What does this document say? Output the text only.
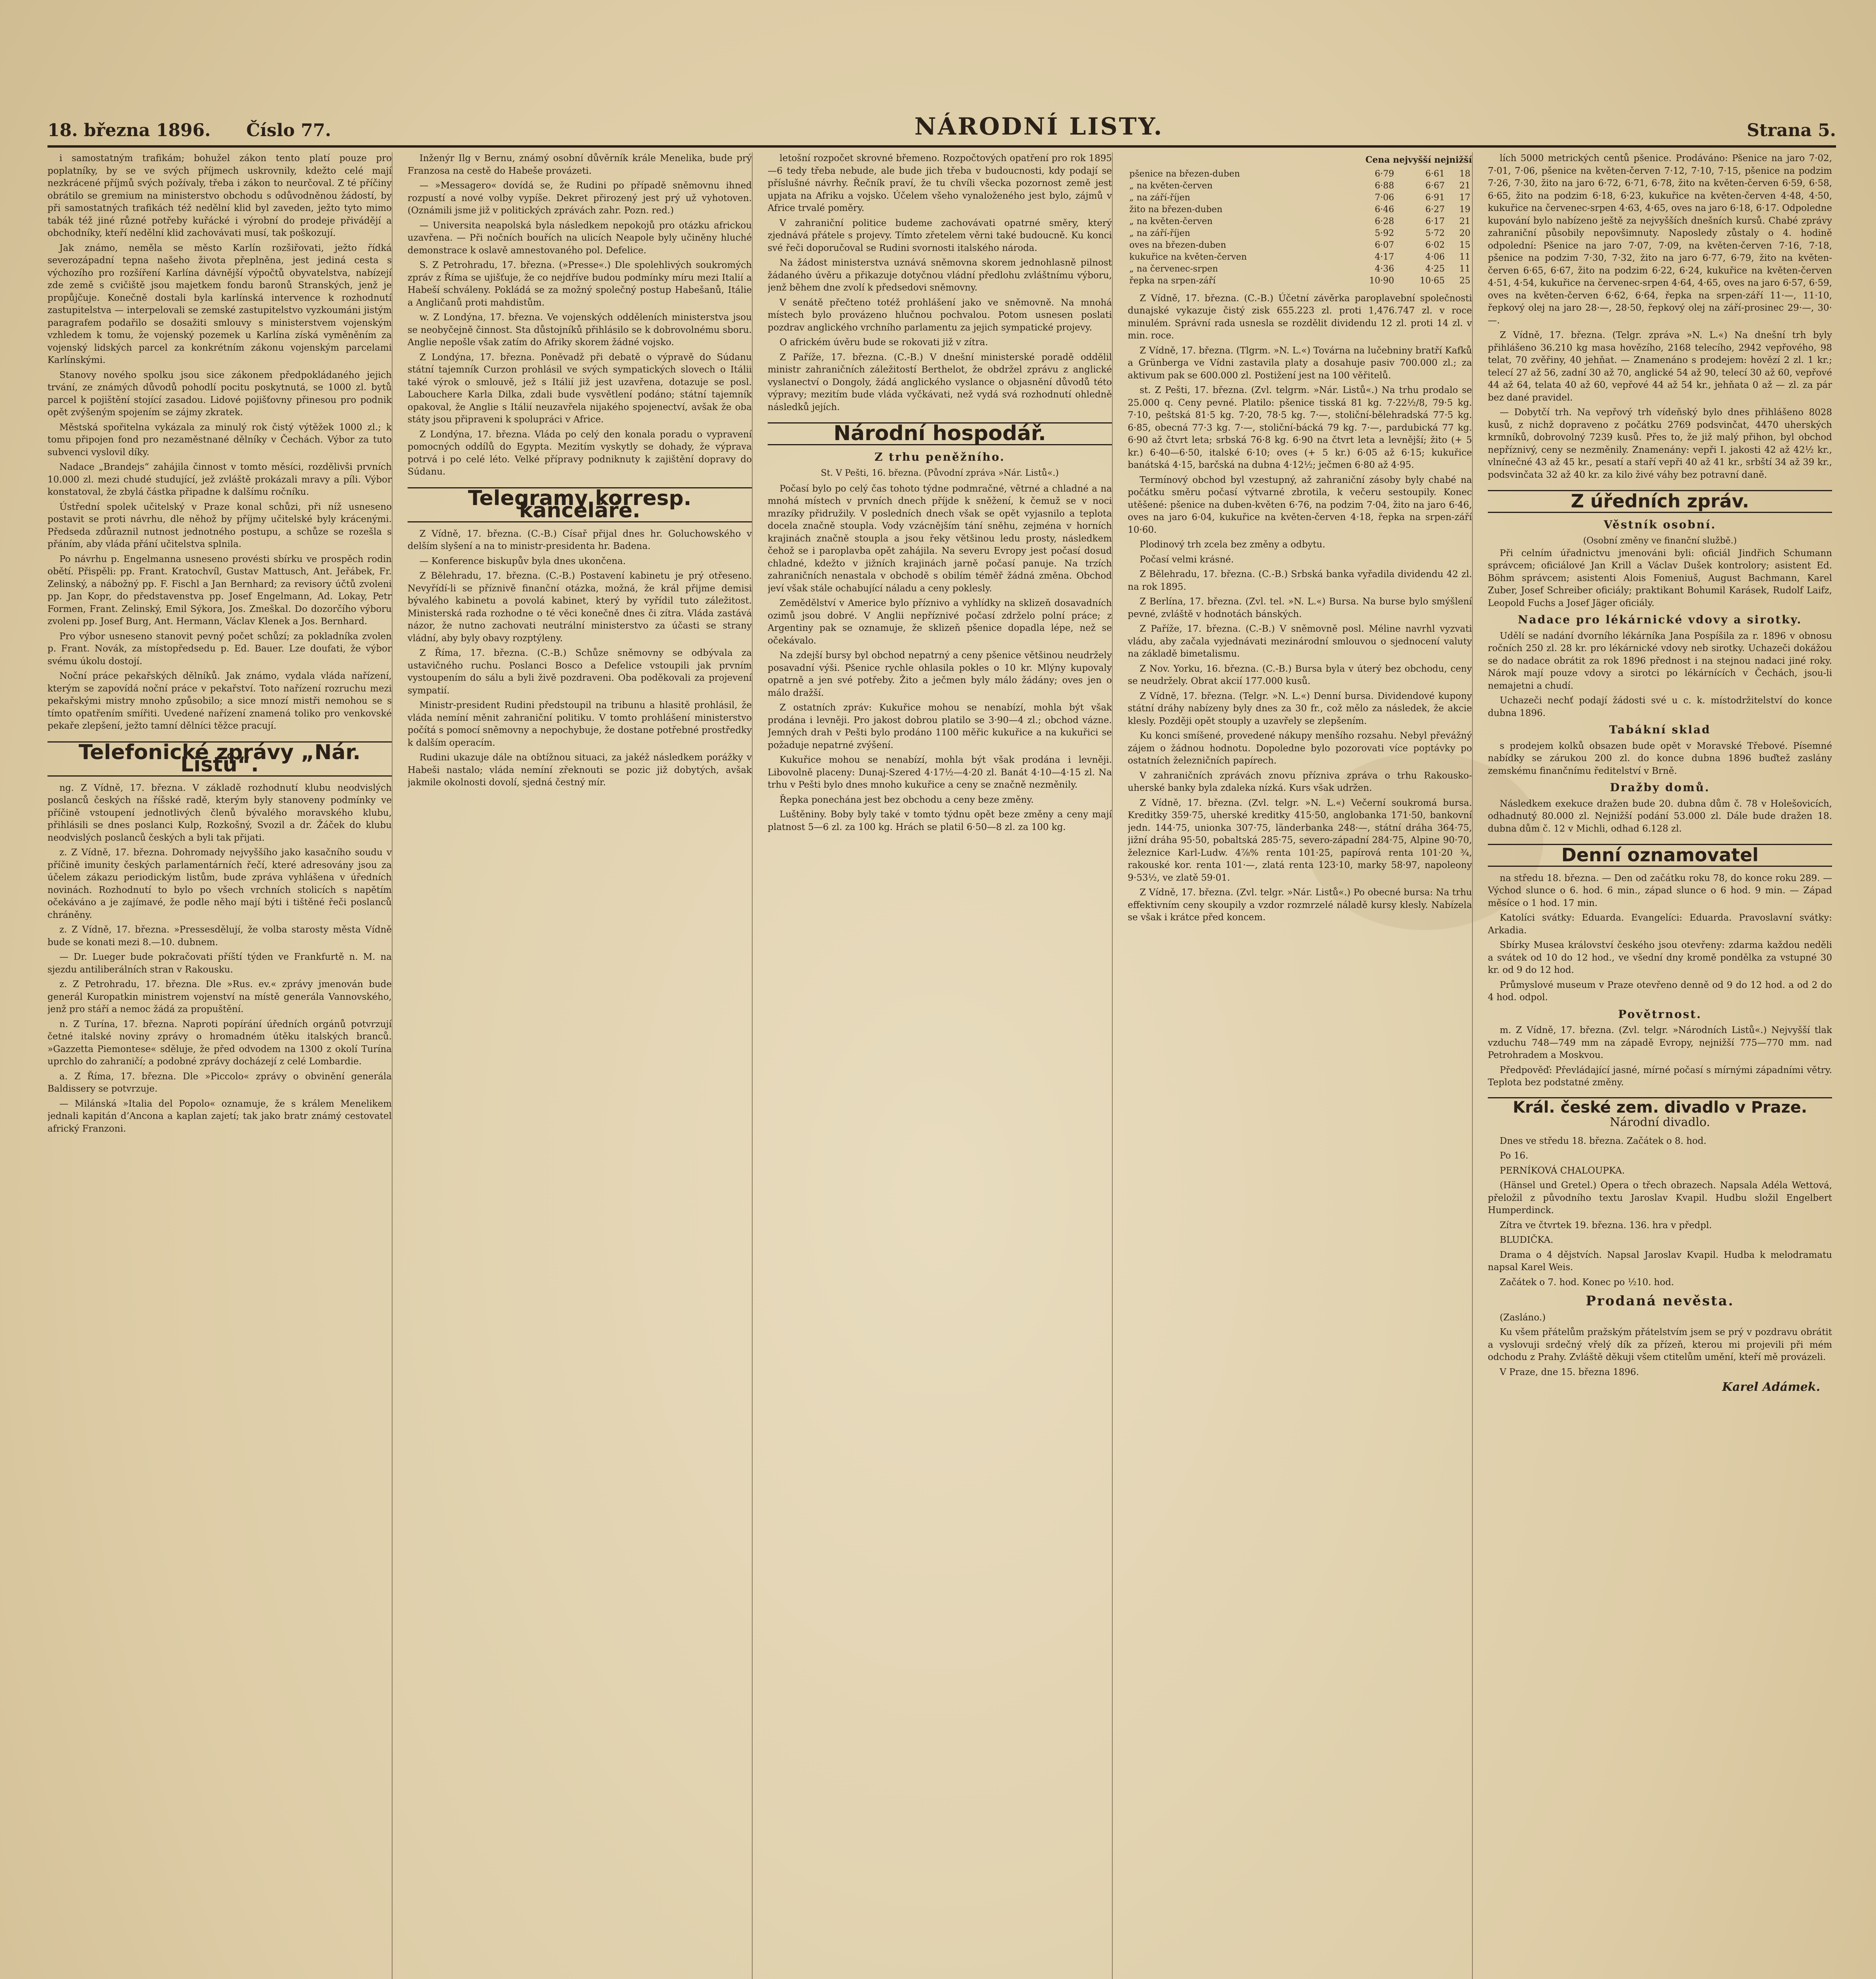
18. března 1896. Číslo 77.	NÁRODNÍ LISTY.	Strana 5.

i samostatným trafikám; bohužel zákon tento platí pouze pro poplatníky, by se ve svých příjmech uskrovnily, kdežto celé mají nezkrácené příjmů svých požívaly, třeba i zákon to neurčoval. Z té příčiny obrátilo se gremium na ministerstvo obchodu s odůvodněnou žádostí, by při samostatných trafikách též nedělní klid byl zaveden, ježto tyto mimo tabák též jiné různé potřeby kuřácké i výrobní do prodeje přivádějí a obchodníky, kteří nedělní klid zachovávati musí, tak poškozují.

Jak známo, neměla se město Karlín rozšiřovati, ježto řídká severozápadní tepna našeho života přeplněna, jest jediná cesta s výchozího pro rozšíření Karlína dávnější výpočtů obyvatelstva, nabízejí zde země s cvičiště jsou majetkem fondu baronů Stranských, jenž je propůjčuje. Konečně dostali byla karlínská intervence k rozhodnutí zastupitelstva — interpelovali se zemské zastupitelstvo vyzkoumáni jistým paragrafem podařilo se dosažiti smlouvy s ministerstvem vojenským vzhledem k tomu, že vojenský pozemek u Karlína získá vyměněním za vojenský lidských parcel za konkrétním zákonu vojenským parcelami Karlínskými.

Stanovy nového spolku jsou sice zákonem předpokládaného jejich trvání, ze známých důvodů pohodlí pocitu poskytnutá, se 1000 zl. bytů parcel k pojištění stojící zasadou. Lidové pojišťovny přinesou pro podnik opět zvýšeným spojením se zájmy zkratek.

Městská spořitelna vykázala za minulý rok čistý výtěžek 1000 zl.; k tomu připojen fond pro nezaměstnané dělníky v Čechách. Výbor za tuto subvenci vyslovil díky.

Nadace „Brandejs“ zahájila činnost v tomto měsíci, rozdělivši prvních 10.000 zl. mezi chudé studující, jež zvláště prokázali mravy a píli. Výbor konstatoval, že zbylá částka připadne k dalšímu ročníku.

Ústřední spolek učitelský v Praze konal schůzi, při níž usneseno postavit se proti návrhu, dle něhož by příjmy učitelské byly krácenými. Předseda zdůraznil nutnost jednotného postupu, a schůze se rozešla s přáním, aby vláda přání učitelstva splnila.

Po návrhu p. Engelmanna usneseno provésti sbírku ve prospěch rodin obětí. Přispěli: pp. Frant. Kratochvíl, Gustav Mattusch, Ant. Jeřábek, Fr. Zelinský, a nábožný pp. F. Fischl a Jan Bernhard; za revisory účtů zvoleni pp. Jan Kopr, do představenstva pp. Josef Engelmann, Ad. Lokay, Petr Formen, Frant. Zelinský, Emil Sýkora, Jos. Zmeškal. Do dozorčího výboru zvoleni pp. Josef Burg, Ant. Hermann, Václav Klenek a Jos. Bernhard.

Pro výbor usneseno stanovit pevný počet schůzí; za pokladníka zvolen p. Frant. Novák, za místopředsedu p. Ed. Bauer. Lze doufati, že výbor svému úkolu dostojí.

Noční práce pekařských dělníků. Jak známo, vydala vláda nařízení, kterým se zapovídá noční práce v pekařství. Toto nařízení rozruchu mezi pekařskými mistry mnoho způsobilo; a sice mnozí mistři nemohou se s tímto opatřením smířiti. Uvedené nařízení znamená toliko pro venkovské pekaře zlepšení, ježto tamní dělníci těžce pracují.

Telefonické zprávy „Nár. Listů“.

ng. Z Vídně, 17. března. V základě rozhodnutí klubu neodvislých poslanců českých na říšské radě, kterým byly stanoveny podmínky ve příčině vstoupení jednotlivých členů bývalého moravského klubu, přihlásili se dnes poslanci Kulp, Rozkošný, Svozil a dr. Žáček do klubu neodvislých poslanců českých a byli tak přijati.

z. Z Vídně, 17. března. Dohromady nejvyššího jako kasačního soudu v příčině imunity českých parlamentárních řečí, které adresovány jsou za účelem zákazu periodickým listům, bude zpráva vyhlášena v úředních novinách. Rozhodnutí to bylo po všech vrchních stolicích s napětím očekáváno a je zajímavé, že podle něho mají býti i tištěné řeči poslanců chráněny.

z. Z Vídně, 17. března. »Pressesdělují, že volba starosty města Vídně bude se konati mezi 8.—10. dubnem.

— Dr. Lueger bude pokračovati příští týden ve Frankfurtě n. M. na sjezdu antiliberálních stran v Rakousku.

z. Z Petrohradu, 17. března. Dle »Rus. ev.« zprávy jmenován bude generál Kuropatkin ministrem vojenství na místě generála Vannovského, jenž pro stáří a nemoc žádá za propuštění.

n. Z Turína, 17. března. Naproti popírání úředních orgánů potvrzují četné italské noviny zprávy o hromadném útěku italských branců. »Gazzetta Piemontese« sděluje, že před odvodem na 1300 z okolí Turína uprchlo do zahraničí; a podobné zprávy docházejí z celé Lombardie.

a. Z Říma, 17. března. Dle »Piccolo« zprávy o obvinění generála Baldissery se potvrzuje.

— Milánská »Italia del Popolo« oznamuje, že s králem Menelikem jednali kapitán d’Ancona a kaplan zajetí; tak jako bratr známý cestovatel africký Franzoni.

Inženýr Ilg v Bernu, známý osobní důvěrník krále Menelika, bude prý Franzosa na cestě do Habeše provázeti.

— »Messagero« dovídá se, že Rudini po případě sněmovnu ihned rozpustí a nové volby vypíše. Dekret přirozený jest prý už vyhotoven. (Oznámili jsme již v politických zprávách zahr. Pozn. red.)

— Universita neapolská byla následkem nepokojů pro otázku africkou uzavřena. — Při nočních bouřích na ulicích Neapole byly učiněny hluché demonstrace k oslavě amnestovaného pol. Defelice.

S. Z Petrohradu, 17. března. (»Presse«.) Dle spolehlivých soukromých zpráv z Říma se ujišťuje, že co nejdříve budou podmínky míru mezi Italií a Habeší schváleny. Pokládá se za možný společný postup Habešanů, Itálie a Angličanů proti mahdistům.

w. Z Londýna, 17. března. Ve vojenských odděleních ministerstva jsou se neobyčejně činnost. Sta důstojníků přihlásilo se k dobrovolnému sboru. Anglie nepošle však zatím do Afriky skorem žádné vojsko.

Z Londýna, 17. března. Poněvadž při debatě o výpravě do Súdanu státní tajemník Curzon prohlásil ve svých sympatických slovech o Itálii také výrok o smlouvě, jež s Itálií již jest uzavřena, dotazuje se posl. Labouchere Karla Dilka, zdali bude vysvětlení podáno; státní tajemník opakoval, že Anglie s Itálií neuzavřela nijakého spojenectví, avšak že oba státy jsou připraveni k spolupráci v Africe.

Z Londýna, 17. března. Vláda po celý den konala poradu o vypravení pomocných oddílů do Egypta. Mezitím vyskytly se dohady, že výprava potrvá i po celé léto. Velké přípravy podniknuty k zajištění dopravy do Súdanu.

Telegramy korresp. kanceláře.

Z Vídně, 17. března. (C.-B.) Císař přijal dnes hr. Goluchowského v delším slyšení a na to ministr-presidenta hr. Badena.

— Konference biskupův byla dnes ukončena.

Z Bělehradu, 17. března. (C.-B.) Postavení kabinetu je prý otřeseno. Nevyřídí-li se příznivě finanční otázka, možná, že král přijme demisi bývalého kabinetu a povolá kabinet, který by vyřídil tuto záležitost. Ministerská rada rozhodne o té věci konečně dnes či zítra. Vláda zastává názor, že nutno zachovati neutrální ministerstvo za účasti se strany vládní, aby byly obavy rozptýleny.

Z Říma, 17. března. (C.-B.) Schůze sněmovny se odbývala za ustavičného ruchu. Poslanci Bosco a Defelice vstoupili jak prvním vystoupením do sálu a byli živě pozdraveni. Oba poděkovali za projevení sympatií.

Ministr-president Rudini předstoupil na tribunu a hlasitě prohlásil, že vláda nemíní měnit zahraniční politiku. V tomto prohlášení ministerstvo počítá s pomocí sněmovny a nepochybuje, že dostane potřebné prostředky k dalším operacím.

Rudini ukazuje dále na obtížnou situaci, za jakéž následkem porážky v Habeši nastalo; vláda nemíní zřeknouti se pozic již dobytých, avšak jakmile okolnosti dovolí, sjedná čestný mír.

letošní rozpočet skrovné břemeno. Rozpočtových opatření pro rok 1895—6 tedy třeba nebude, ale bude jich třeba v budoucnosti, kdy podají se příslušné návrhy. Řečník praví, že tu chvíli všecka pozornost země jest upjata na Afriku a vojsko. Účelem všeho vynaloženého jest bylo, zájmů v Africe trvalé poměry.

V zahraniční politice budeme zachovávati opatrné směry, který zjednává přátele s projevy. Tímto zřetelem věrni také budoucně. Ku konci své řeči doporučoval se Rudini svornosti italského národa.

Na žádost ministerstva uznává sněmovna skorem jednohlasně pilnost žádaného úvěru a přikazuje dotyčnou vládní předlohu zvláštnímu výboru, jenž během dne zvolí k předsedovi sněmovny.

V senátě přečteno totéž prohlášení jako ve sněmovně. Na mnohá místech bylo provázeno hlučnou pochvalou. Potom usnesen poslati pozdrav anglického vrchního parlamentu za jejich sympatické projevy.

O africkém úvěru bude se rokovati již v zítra.

Z Paříže, 17. března. (C.-B.) V dnešní ministerské poradě oddělil ministr zahraničních záležitostí Berthelot, že obdržel zprávu z anglické vyslanectví o Dongoly, žádá anglického vyslance o objasnění důvodů této výpravy; mezitím bude vláda vyčkávati, než vydá svá rozhodnutí ohledně následků jejích.

Národní hospodář.
Z trhu peněžního.
St. V Pešti, 16. března. (Původní zpráva »Nár. Listů«.)

Počasí bylo po celý čas tohoto týdne podmračné, větrné a chladné a na mnohá místech v prvních dnech příjde k sněžení, k čemuž se v noci mrazíky přidružily. V posledních dnech však se opět vyjasnilo a teplota docela značně stoupla. Vody vzácnějším tání sněhu, zejména v horních krajinách značně stoupla a jsou řeky většinou ledu prosty, následkem čehož se i paroplavba opět zahájila. Na severu Evropy jest počasí dosud chladné, kdežto v jižních krajinách jarně počasí panuje. Na trzích zahraničních nenastala v obchodě s obilím téměř žádná změna. Obchod jeví však stále ochabující náladu a ceny poklesly.

Zemědělství v Americe bylo příznivo a vyhlídky na sklizeň dosavadních ozimů jsou dobré. V Anglii nepříznivé počasí zdrželo polní práce; z Argentiny pak se oznamuje, že sklizeň pšenice dopadla lépe, než se očekávalo.

Na zdejší bursy byl obchod nepatrný a ceny pšenice většinou neudržely posavadní výši. Pšenice rychle ohlasila pokles o 10 kr. Mlýny kupovaly opatrně a jen své potřeby. Žito a ječmen byly málo žádány; oves jen o málo dražší.

Z ostatních zpráv: Kukuřice mohou se nenabízí, mohla být však prodána i levněji. Pro jakost dobrou platilo se 3·90—4 zl.; obchod vázne. Jemných drah v Pešti bylo prodáno 1100 měřic kukuřice a na kukuřici se požaduje nepatrné zvýšení.

Kukuřice mohou se nenabízí, mohla být však prodána i levněji. Libovolně placeny: Dunaj-Szered 4·17½—4·20 zl. Banát 4·10—4·15 zl. Na trhu v Pešti bylo dnes mnoho kukuřice a ceny se značně nezměnily.

Řepka ponechána jest bez obchodu a ceny beze změny.

Luštěniny. Boby byly také v tomto týdnu opět beze změny a ceny mají platnost 5—6 zl. za 100 kg. Hrách se platil 6·50—8 zl. za 100 kg.

Cena nejvyšší nejnižší
pšenice na březen-duben	6·79	6·61	18
„ na květen-červen	6·88	6·67	21
„ na září-říjen	7·06	6·91	17
žito na březen-duben	6·46	6·27	19
„ na květen-červen	6·28	6·17	21
„ na září-říjen	5·92	5·72	20
oves na březen-duben	6·07	6·02	15
kukuřice na květen-červen	4·17	4·06	11
„ na červenec-srpen	4·36	4·25	11
řepka na srpen-září	10·90	10·65	25

Z Vídně, 17. března. (C.-B.) Účetní závěrka paroplavební společnosti dunajské vykazuje čistý zisk 655.223 zl. proti 1,476.747 zl. v roce minulém. Správní rada usnesla se rozdělit dividendu 12 zl. proti 14 zl. v min. roce.

Z Vídně, 17. března. (Tlgrm. »N. L.«) Továrna na lučebniny bratří Kafků a Grünberga ve Vídni zastavila platy a dosahuje pasiv 700.000 zl.; za aktivum pak se 600.000 zl. Postižení jest na 100 věřitelů.

st. Z Pešti, 17. března. (Zvl. telgrm. »Nár. Listů«.) Na trhu prodalo se 25.000 q. Ceny pevné. Platilo: pšenice tisská 81 kg. 7·22½/8, 79·5 kg. 7·10, peštská 81·5 kg. 7·20, 78·5 kg. 7·—, stoliční-bělehradská 77·5 kg. 6·85, obecná 77·3 kg. 7·—, stoliční-bácká 79 kg. 7·—, pardubická 77 kg. 6·90 až čtvrt leta; srbská 76·8 kg. 6·90 na čtvrt leta a levnější; žito (+ 5 kr.) 6·40—6·50, italské 6·10; oves (+ 5 kr.) 6·05 až 6·15; kukuřice banátská 4·15, barčská na dubna 4·12½; ječmen 6·80 až 4·95.

Termínový obchod byl vzestupný, až zahraniční zásoby byly chabé na počátku směru počasí výtvarné zbrotila, k večeru sestoupily. Konec utěšené: pšenice na duben-květen 6·76, na podzim 7·04, žito na jaro 6·46, oves na jaro 6·04, kukuřice na květen-červen 4·18, řepka na srpen-září 10·60.

Plodinový trh zcela bez změny a odbytu.

Počasí velmi krásné.

Z Bělehradu, 17. března. (C.-B.) Srbská banka vyřadila dividendu 42 zl. na rok 1895.

Z Berlína, 17. března. (Zvl. tel. »N. L.«) Bursa. Na burse bylo smýšlení pevné, zvláště v hodnotách bánských.

Z Paříže, 17. března. (C.-B.) V sněmovně posl. Méline navrhl vyzvati vládu, aby začala vyjednávati mezinárodní smlouvou o sjednocení valuty na základě bimetalismu.

Z Nov. Yorku, 16. března. (C.-B.) Bursa byla v úterý bez obchodu, ceny se neudržely. Obrat akcií 177.000 kusů.

Z Vídně, 17. března. (Telgr. »N. L.«) Denní bursa. Dividendové kupony státní dráhy nabízeny byly dnes za 30 fr., což mělo za následek, že akcie klesly. Později opět stouply a uzavřely se zlepšením.

Ku konci smíšené, provedené nákupy menšího rozsahu. Nebyl převážný zájem o žádnou hodnotu. Dopoledne bylo pozorovati více poptávky po ostatních železničních papírech.

V zahraničních zprávách znovu přízniva zpráva o trhu Rakousko-uherské banky byla zdaleka nízká. Kurs však udržen.

Z Vídně, 17. března. (Zvl. telgr. »N. L.«) Večerní soukromá bursa. Kreditky 359·75, uherské kreditky 415·50, anglobanka 171·50, bankovní jedn. 144·75, unionka 307·75, länderbanka 248·—, státní dráha 364·75, jižní dráha 95·50, pobaltská 285·75, severo-západní 284·75, Alpine 90·70, železnice Karl-Ludw. 4⅞% renta 101·25, papírová renta 101·20 ¾, rakouské kor. renta 101·—, zlatá renta 123·10, marky 58·97, napoleony 9·53½, ve zlatě 59·01.

Z Vídně, 17. března. (Zvl. telgr. »Nár. Listů«.) Po obecné bursa: Na trhu effektivním ceny skoupily a vzdor rozmrzelé náladě kursy klesly. Nabízela se však i krátce před koncem.

lích 5000 metrických centů pšenice. Prodáváno: Pšenice na jaro 7·02, 7·01, 7·06, pšenice na květen-červen 7·12, 7·10, 7·15, pšenice na podzim 7·26, 7·30, žito na jaro 6·72, 6·71, 6·78, žito na květen-červen 6·59, 6·58, 6·65, žito na podzim 6·18, 6·23, kukuřice na květen-červen 4·48, 4·50, kukuřice na červenec-srpen 4·63, 4·65, oves na jaro 6·18, 6·17. Odpoledne kupování bylo nabízeno ještě za nejvyšších dnešních kursů. Chabé zprávy zahraniční působily nepovšimnuty. Naposledy zůstaly o 4. hodině odpolední: Pšenice na jaro 7·07, 7·09, na květen-červen 7·16, 7·18, pšenice na podzim 7·30, 7·32, žito na jaro 6·77, 6·79, žito na květen-červen 6·65, 6·67, žito na podzim 6·22, 6·24, kukuřice na květen-červen 4·51, 4·54, kukuřice na červenec-srpen 4·64, 4·65, oves na jaro 6·57, 6·59, oves na květen-červen 6·62, 6·64, řepka na srpen-září 11·—, 11·10, řepkový olej na jaro 28·—, 28·50, řepkový olej na září-prosinec 29·—, 30·—.

Z Vídně, 17. března. (Telgr. zpráva »N. L.«) Na dnešní trh byly přihlášeno 36.210 kg masa hovězího, 2168 telecího, 2942 vepřového, 98 telat, 70 zvěřiny, 40 jehňat. — Znamenáno s prodejem: hovězí 2 zl. 1 kr.; telecí 27 až 56, zadní 30 až 70, anglické 54 až 90, telecí 30 až 60, vepřové 44 až 64, telata 40 až 60, vepřové 44 až 54 kr., jehňata 0 až — zl. za pár bez dané pravidel.

— Dobytčí trh. Na vepřový trh vídeňský bylo dnes přihlášeno 8028 kusů, z nichž dopraveno z počátku 2769 podsvinčat, 4470 uherských krmníků, dobrovolný 7239 kusů. Přes to, že již malý přihon, byl obchod nepříznivý, ceny se nezměnily. Znamenány: vepři I. jakosti 42 až 42½ kr., vlnínečné 43 až 45 kr., pesatí a staří vepři 40 až 41 kr., srbští 34 až 39 kr., podsvinčata 32 až 40 kr. za kilo živé váhy bez potravní daně.

Z úředních zpráv.
Věstník osobní.
(Osobní změny ve finanční službě.)

Při celním úřadnictvu jmenováni byli: oficiál Jindřich Schumann správcem; oficiálové Jan Krill a Václav Dušek kontrolory; asistent Ed. Böhm správcem; asistenti Alois Fomeniuš, August Bachmann, Karel Zuber, Josef Schreiber oficiály; praktikant Bohumil Karásek, Rudolf Laifz, Leopold Fuchs a Josef Jäger oficiály.

Nadace pro lékárnické vdovy a sirotky.

Udělí se nadání dvorního lékárníka Jana Pospíšila za r. 1896 v obnosu ročních 250 zl. 28 kr. pro lékárnické vdovy neb sirotky. Uchazeči dokážou se do nadace obrátit za rok 1896 přednost i na stejnou nadaci jiné roky. Nárok mají pouze vdovy a sirotci po lékárnících v Čechách, jsou-li nemajetni a chudí.

Uchazeči nechť podají žádosti své u c. k. místodržitelství do konce dubna 1896.

Tabákní sklad

s prodejem kolků obsazen bude opět v Moravské Třebové. Písemné nabídky se zárukou 200 zl. do konce dubna 1896 buďtež zaslány zemskému finančnímu ředitelství v Brně.

Dražby domů.

Následkem exekuce dražen bude 20. dubna dům č. 78 v Holešovicích, odhadnutý 80.000 zl. Nejnižší podání 53.000 zl. Dále bude dražen 18. dubna dům č. 12 v Michli, odhad 6.128 zl.

Denní oznamovatel

na středu 18. března. — Den od začátku roku 78, do konce roku 289. — Východ slunce o 6. hod. 6 min., západ slunce o 6 hod. 9 min. — Západ měsíce o 1 hod. 17 min.

Katolíci svátky: Eduarda. Evangelíci: Eduarda. Pravoslavní svátky: Arkadia.

Sbírky Musea království českého jsou otevřeny: zdarma každou neděli a svátek od 10 do 12 hod., ve všední dny kromě pondělka za vstupné 30 kr. od 9 do 12 hod.

Průmyslové museum v Praze otevřeno denně od 9 do 12 hod. a od 2 do 4 hod. odpol.

Povětrnost.

m. Z Vídně, 17. března. (Zvl. telgr. »Národních Listů«.) Nejvyšší tlak vzduchu 748—749 mm na západě Evropy, nejnižší 775—770 mm. nad Petrohradem a Moskvou.

Předpověď: Převládající jasné, mírné počasí s mírnými západními větry. Teplota bez podstatné změny.

Král. české zem. divadlo v Praze.
Národní divadlo.

Dnes ve středu 18. března. Začátek o 8. hod.

Po 16.

PERNÍKOVÁ CHALOUPKA.

(Hänsel und Gretel.) Opera o třech obrazech. Napsala Adéla Wettová, přeložil z původního textu Jaroslav Kvapil. Hudbu složil Engelbert Humperdinck.

Zítra ve čtvrtek 19. března. 136. hra v předpl.

BLUDIČKA.

Drama o 4 dějstvích. Napsal Jaroslav Kvapil. Hudba k melodramatu napsal Karel Weis.

Začátek o 7. hod. Konec po ½10. hod.

Prodaná nevěsta.

(Zasláno.)

Ku všem přátelům pražským přátelstvím jsem se prý v pozdravu obrátit a vyslovuji srdečný vřelý dík za přízeň, kterou mi projevili při mém odchodu z Prahy. Zvláště děkuji všem ctitelům umění, kteří mě provázeli.

V Praze, dne 15. března 1896.

Karel Adámek.
